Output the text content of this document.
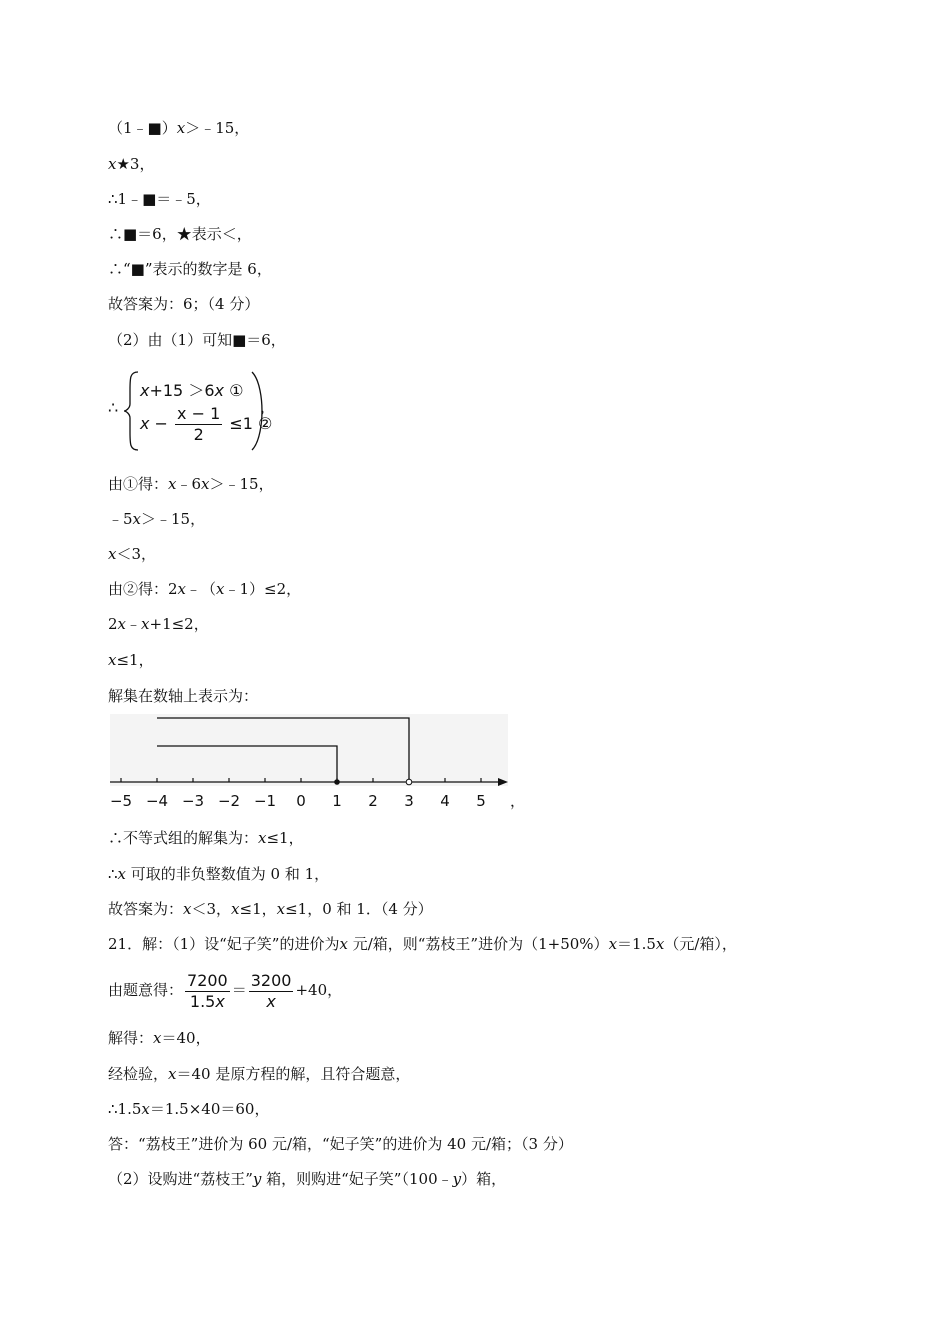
（1﹣■）x＞﹣15，
x★3，
∴1﹣■＝﹣5，
∴■＝6，★表示＜，
∴“■”表示的数字是 6，
故答案为：6；（4 分）
（2）由（1）可知■＝6，
∴
x+15 ＞6x ①
$x - \frac{x - 1}{2} \le 1$ ②
，
由①得：x﹣6x＞﹣15，
﹣5x＞﹣15，
x＜3，
由②得：2x﹣（x﹣1）≤2，
2x﹣x+1≤2，
x≤1，
解集在数轴上表示为：
−5 −4 −3 −2 −1 0 1 2 3 4 5 ，
∴不等式组的解集为：x≤1，
∴x 可取的非负整数值为 0 和 1，
故答案为：x＜3，x≤1，x≤1，0 和 1．（4 分）
21．解：（1）设“妃子笑”的进价为x 元/箱，则“荔枝王”进价为（1+50%）x＝1.5x（元/箱），
由题意得： $\frac{7200}{1.5x} = \frac{3200}{x} +40$，
解得：x＝40，
经检验，x＝40 是原方程的解，且符合题意，
∴1.5x＝1.5×40＝60，
答：“荔枝王”进价为 60 元/箱，“妃子笑”的进价为 40 元/箱；（3 分）
（2）设购进“荔枝王”y 箱，则购进“妃子笑”（100﹣y）箱，
